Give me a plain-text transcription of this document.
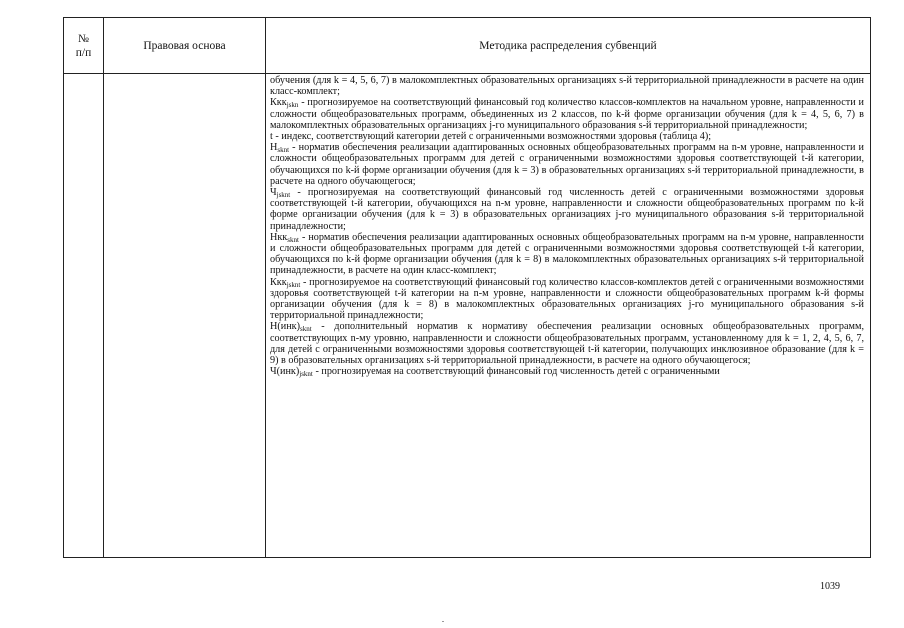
№
п/п
Правовая основа	Методика распределения субвенций

обучения (для k = 4, 5, 6, 7) в малокомплектных образовательных организациях s-й территориальной принадлежности в расчете на один класс-комплект;

Ккк$_{jskn}$ - прогнозируемое на соответствующий финансовый год количество классов-комплектов на начальном уровне, направленности и сложности общеобразовательных программ, объединенных из 2 классов, по k-й форме организации обучения (для k = 4, 5, 6, 7) в малокомплектных образовательных организациях j-го муниципального образования s-й территориальной принадлежности;

t - индекс, соответствующий категории детей с ограниченными возможностями здоровья (таблица 4);

$Н_{sknt}$ - норматив обеспечения реализации адаптированных основных общеобразовательных программ на n-м уровне, направленности и сложности общеобразовательных программ для детей с ограниченными возможностями здоровья соответствующей t-й категории, обучающихся по k-й форме организации обучения (для k = 3) в образовательных организациях s-й территориальной принадлежности, в расчете на одного обучающегося;

$Ч_{jsknt}$ - прогнозируемая на соответствующий финансовый год численность детей с ограниченными возможностями здоровья соответствующей t-й категории, обучающихся на n-м уровне, направленности и сложности общеобразовательных программ по k-й форме организации обучения (для k = 3) в образовательных организациях j-го муниципального образования s-й территориальной принадлежности;

Нкк$_{sknt}$ - норматив обеспечения реализации адаптированных основных общеобразовательных программ на n-м уровне, направленности и сложности общеобразовательных программ для детей с ограниченными возможностями здоровья соответствующей t-й категории, обучающихся по k-й форме организации обучения (для k = 8) в малокомплектных образовательных организациях s-й территориальной принадлежности, в расчете на один класс-комплект;

Ккк$_{jsknt}$ - прогнозируемое на соответствующий финансовый год количество классов-комплектов детей с ограниченными возможностями здоровья соответствующей t-й категории на n-м уровне, направленности и сложности общеобразовательных программ k-й формы организации обучения (для k = 8) в малокомплектных образовательных организациях j-го муниципального образования s-й территориальной принадлежности;

$Н(инк)_{sknt}$ - дополнительный норматив к нормативу обеспечения реализации основных общеобразовательных программ, соответствующих n-му уровню, направленности и сложности общеобразовательных программ, установленному для k = 1, 2, 4, 5, 6, 7, для детей с ограниченными возможностями здоровья соответствующей t-й категории, получающих инклюзивное образование (для k = 9) в образовательных организациях s-й территориальной принадлежности, в расчете на одного обучающегося;

$Ч(инк)_{jsknt}$ - прогнозируемая на соответствующий финансовый год численность детей с ограниченными

1039
